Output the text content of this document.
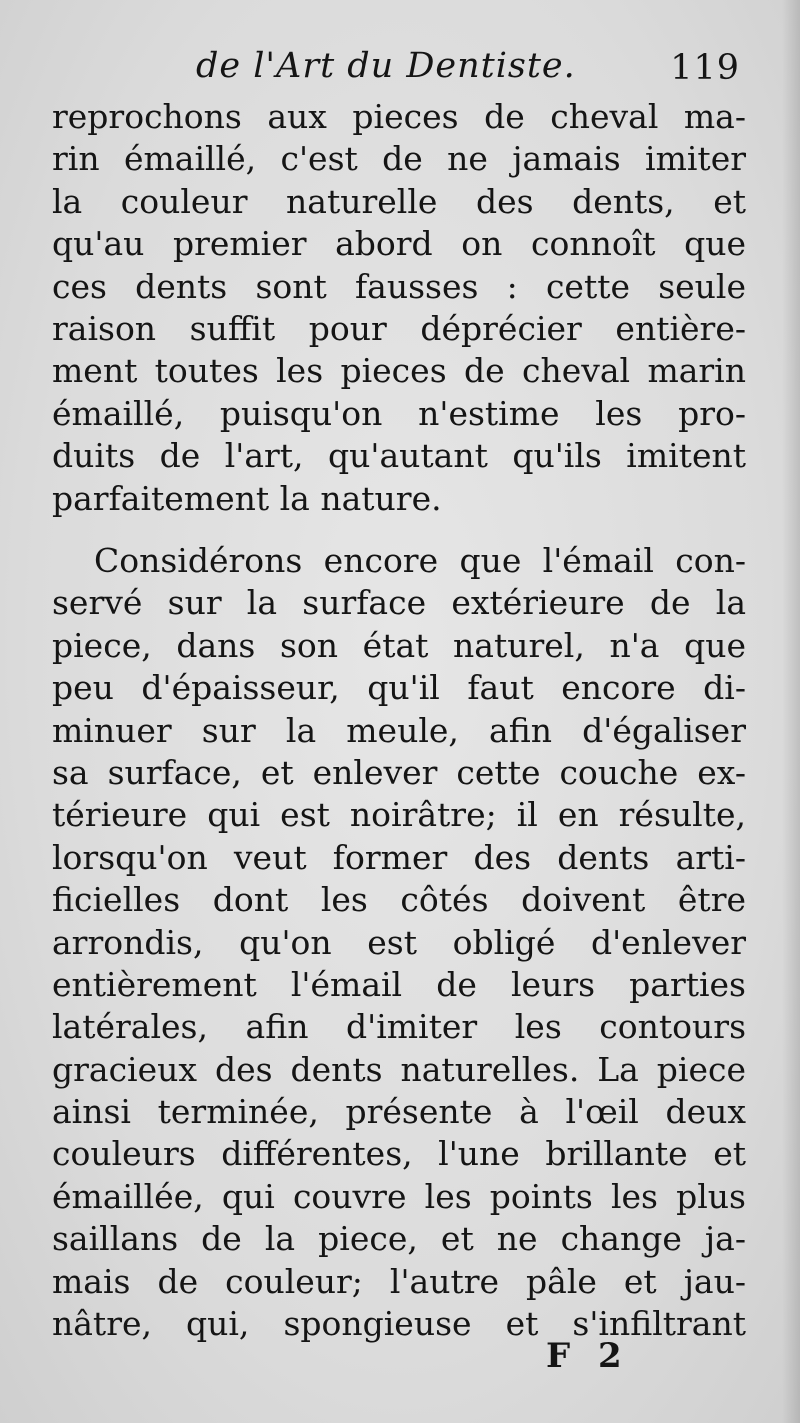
de l'Art du Dentiste.	119
reprochons aux pieces de cheval ma-
rin émaillé, c'est de ne jamais imiter
la couleur naturelle des dents, et
qu'au premier abord on connoît que
ces dents sont fausses : cette seule
raison suffit pour déprécier entière-
ment toutes les pieces de cheval marin
émaillé, puisqu'on n'estime les pro-
duits de l'art, qu'autant qu'ils imitent
parfaitement la nature.
Considérons encore que l'émail con-
servé sur la surface extérieure de la
piece, dans son état naturel, n'a que
peu d'épaisseur, qu'il faut encore di-
minuer sur la meule, afin d'égaliser
sa surface, et enlever cette couche ex-
térieure qui est noirâtre; il en résulte,
lorsqu'on veut former des dents arti-
ficielles dont les côtés doivent être
arrondis, qu'on est obligé d'enlever
entièrement l'émail de leurs parties
latérales, afin d'imiter les contours
gracieux des dents naturelles. La piece
ainsi terminée, présente à l'œil deux
couleurs différentes, l'une brillante et
émaillée, qui couvre les points les plus
saillans de la piece, et ne change ja-
mais de couleur; l'autre pâle et jau-
nâtre, qui, spongieuse et s'infiltrant
F 2
